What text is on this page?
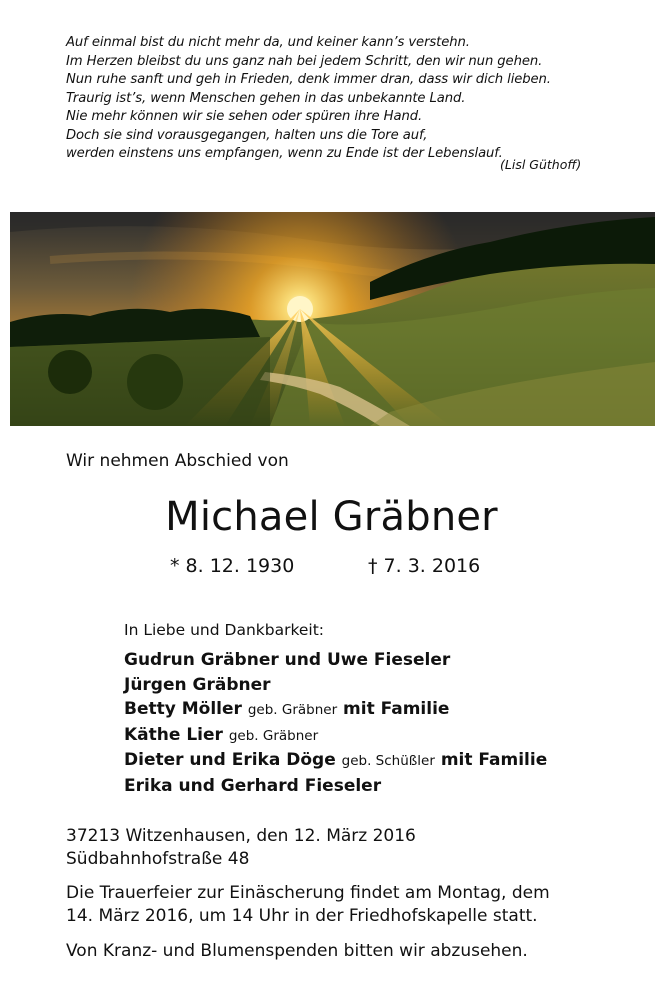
Auf einmal bist du nicht mehr da, und keiner kann’s verstehn.
Im Herzen bleibst du uns ganz nah bei jedem Schritt, den wir nun gehen.
Nun ruhe sanft und geh in Frieden, denk immer dran, dass wir dich lieben.
Traurig ist’s, wenn Menschen gehen in das unbekannte Land.
Nie mehr können wir sie sehen oder spüren ihre Hand.
Doch sie sind vorausgegangen, halten uns die Tore auf,
werden einstens uns empfangen, wenn zu Ende ist der Lebenslauf.
(Lisl Güthoff)
Wir nehmen Abschied von
Michael Gräbner
* 8. 12. 1930	† 7. 3. 2016
In Liebe und Dankbarkeit:
Gudrun Gräbner und Uwe Fieseler
Jürgen Gräbner
Betty Möller geb. Gräbner mit Familie
Käthe Lier geb. Gräbner
Dieter und Erika Döge geb. Schüßler mit Familie
Erika und Gerhard Fieseler
37213 Witzenhausen, den 12. März 2016
Südbahnhofstraße 48
Die Trauerfeier zur Einäscherung findet am Montag, dem
14. März 2016, um 14 Uhr in der Friedhofskapelle statt.
Von Kranz- und Blumenspenden bitten wir abzusehen.
